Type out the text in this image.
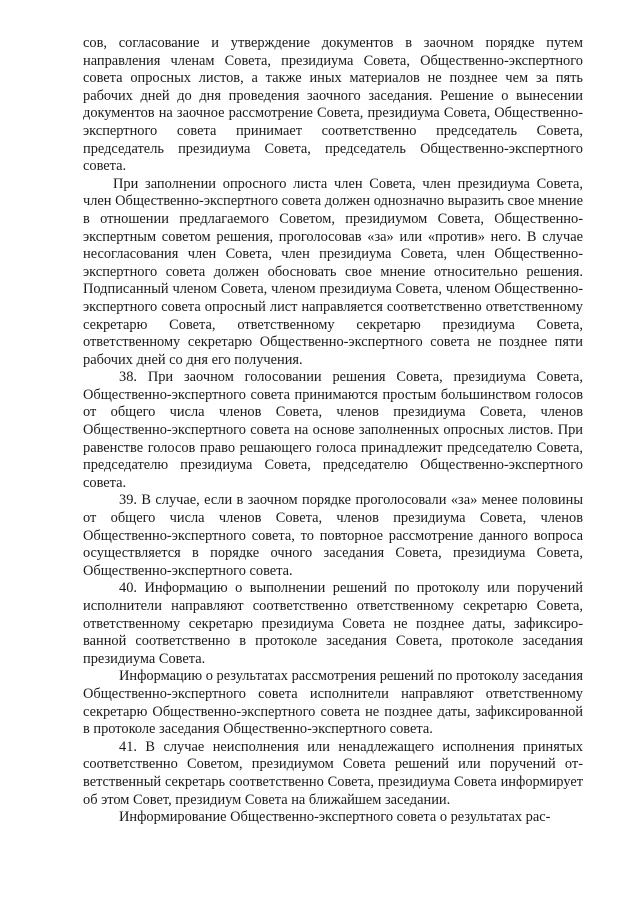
сов, согласование и утверждение документов в заочном порядке путем направления членам Совета, президиума Совета, Общественно-экспертного совета опросных листов, а также иных материалов не позднее чем за пять рабочих дней до дня проведения заочного заседания. Решение о вынесении документов на заочное рассмотрение Совета, президиума Совета, Общественно-экспертного совета принимает соответственно председатель Совета, председатель президиума Совета, председатель Общественно-экспертного совета.

При заполнении опросного листа член Совета, член президиума Совета, член Общественно-экспертного совета должен однозначно выразить свое мнение в отношении предлагаемого Советом, президиумом Совета, Общественно-экспертным советом решения, проголосовав «за» или «против» него. В случае несогласования член Совета, член президиума Совета, член Общественно-экспертного совета должен обосновать свое мнение относительно решения. Подписанный членом Совета, членом президиума Совета, членом Общественно-экспертного совета опросный лист направляется соответственно ответственному секретарю Совета, ответственному секретарю президиума Совета, ответственному секретарю Общественно-экспертного совета не позднее пяти рабочих дней со дня его получения.

38. При заочном голосовании решения Совета, президиума Совета, Общественно-экспертного совета принимаются простым большинством голосов от общего числа членов Совета, членов президиума Совета, членов Общественно-экспертного совета на основе заполненных опросных листов. При равенстве голосов право решающего голоса принадлежит председателю Совета, председателю президиума Совета, председателю Общественно-экспертного совета.

39. В случае, если в заочном порядке проголосовали «за» менее половины от общего числа членов Совета, членов президиума Совета, членов Общественно-экспертного совета, то повторное рассмотрение данного вопроса осуществляется в порядке очного заседания Совета, президиума Совета, Общественно-экспертного совета.

40. Информацию о выполнении решений по протоколу или поручений исполнители направляют соответственно ответственному секретарю Совета, ответственному секретарю президиума Совета не позднее даты, зафиксированной соответственно в протоколе заседания Совета, протоколе заседания президиума Совета.

Информацию о результатах рассмотрения решений по протоколу заседания Общественно-экспертного совета исполнители направляют ответственному секретарю Общественно-экспертного совета не позднее даты, зафиксированной в протоколе заседания Общественно-экспертного совета.

41. В случае неисполнения или ненадлежащего исполнения принятых соответственно Советом, президиумом Совета решений или поручений ответственный секретарь соответственно Совета, президиума Совета информирует об этом Совет, президиум Совета на ближайшем заседании.

Информирование Общественно-экспертного совета о результатах рас-
